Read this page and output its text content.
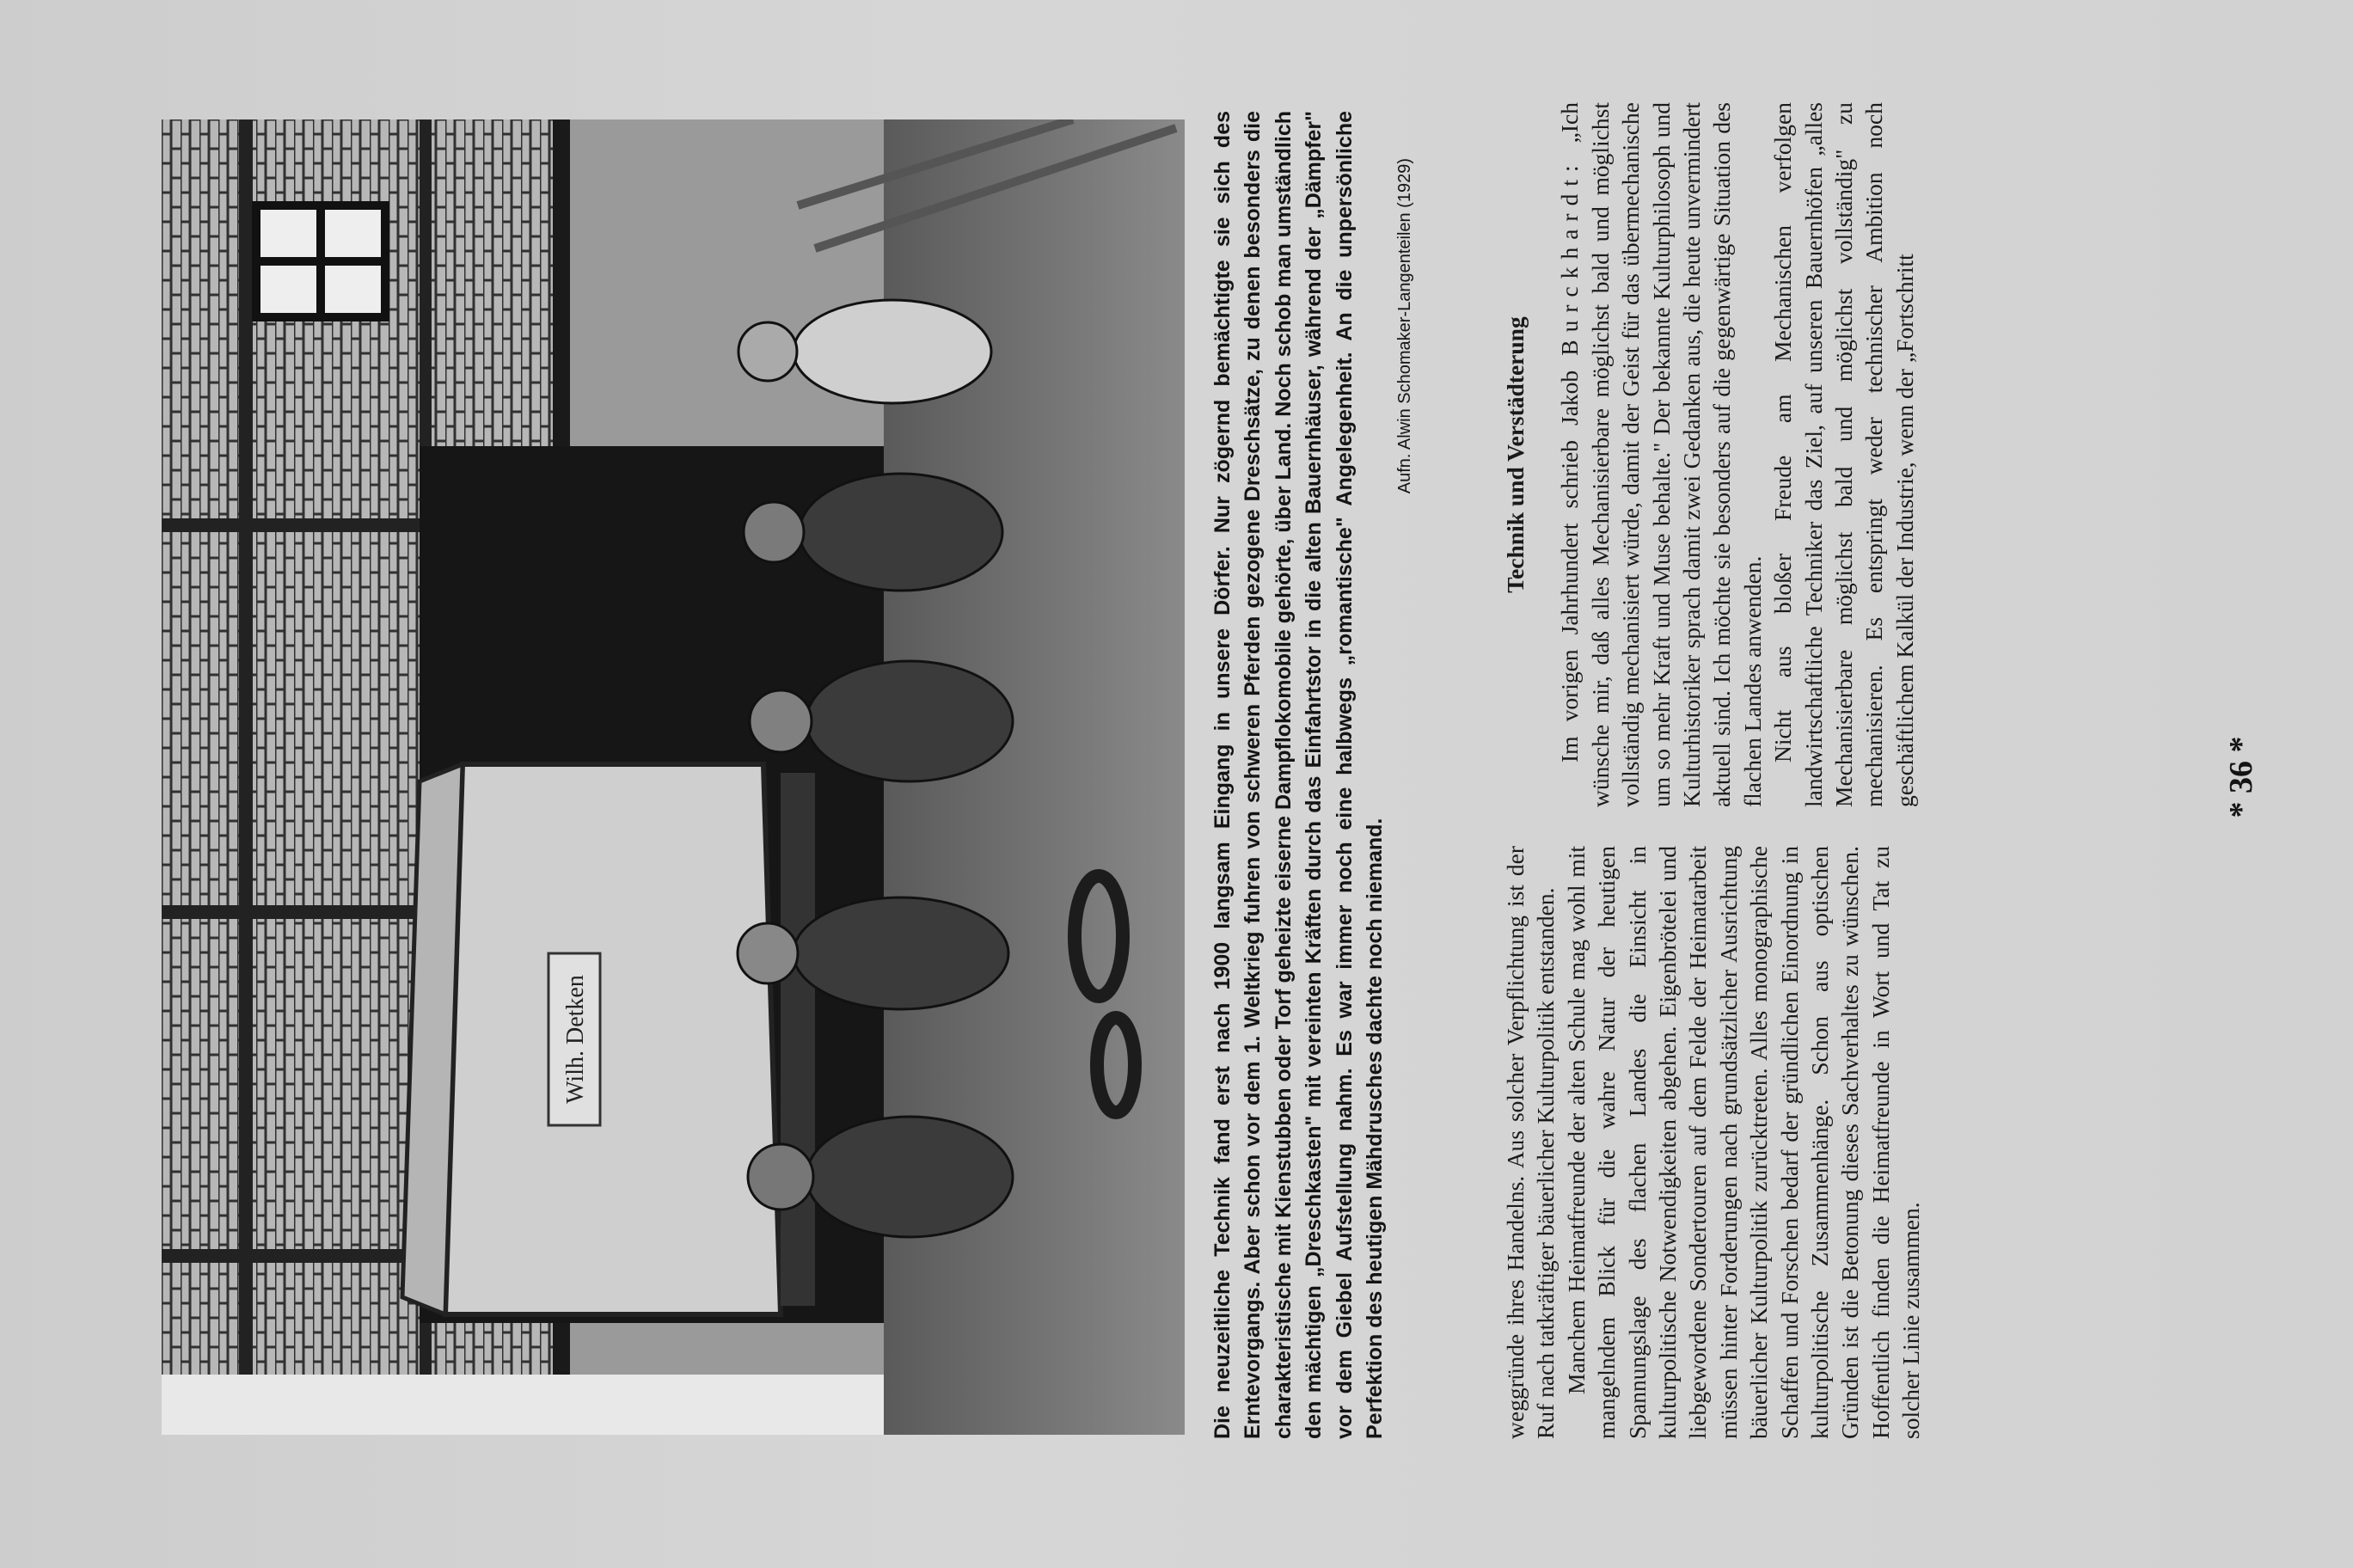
Wilh. Detken	Die neuzeitliche Technik fand erst nach 1900 langsam Eingang in unsere Dörfer. Nur zögernd bemächtigte sie sich des Erntevorgangs. Aber schon vor dem 1. Weltkrieg fuhren von schweren Pferden gezogene Dreschsätze, zu denen besonders die charakteristische mit Kienstubben oder Torf geheizte eiserne Dampflokomobile gehörte, über Land. Noch schob man umständlich den mächtigen „Dreschkasten" mit vereinten Kräften durch das Einfahrtstor in die alten Bauernhäuser, während der „Dämpfer" vor dem Giebel Aufstellung nahm. Es war immer noch eine halbwegs „romantische" Angelegenheit. An die unpersönliche Perfektion des heutigen Mähdrusches dachte noch niemand.
Aufn. Alwin Schomaker-Langenteilen (1929)

weggründe ihres Handelns. Aus solcher Verpflichtung ist der Ruf nach tatkräftiger bäuerlicher Kulturpolitik entstanden. Manchem Heimatfreunde der alten Schule mag wohl mit mangelndem Blick für die wahre Natur der heutigen Spannungslage des flachen Landes die Einsicht in kulturpolitische Notwendigkeiten abgehen. Eigenbrötelei und liebgewordene Sondertouren auf dem Felde der Heimatarbeit müssen hinter Forderungen nach grundsätzlicher Ausrichtung bäuerlicher Kulturpolitik zurücktreten. Alles monographische Schaffen und Forschen bedarf der gründlichen Einordnung in kulturpolitische Zusammenhänge. Schon aus optischen Gründen ist die Betonung dieses Sachverhaltes zu wünschen. Hoffentlich finden die Heimatfreunde in Wort und Tat zu solcher Linie zusammen.

Technik und Verstädterung Im vorigen Jahrhundert schrieb Jakob Burckhardt: „Ich wünsche mir, daß alles Mechanisierbare möglichst bald und möglichst vollständig mechanisiert würde, damit der Geist für das übermechanische um so mehr Kraft und Muse behalte." Der bekannte Kulturphilosoph und Kulturhistoriker sprach damit zwei Gedanken aus, die heute unvermindert aktuell sind. Ich möchte sie besonders auf die gegenwärtige Situation des flachen Landes anwenden. Nicht aus bloßer Freude am Mechanischen verfolgen landwirtschaftliche Techniker das Ziel, auf unseren Bauernhöfen „alles Mechanisierbare möglichst bald und möglichst vollständig" zu mechanisieren. Es entspringt weder technischer Ambition noch geschäftlichem Kalkül der Industrie, wenn der „Fortschritt	* 36 *
